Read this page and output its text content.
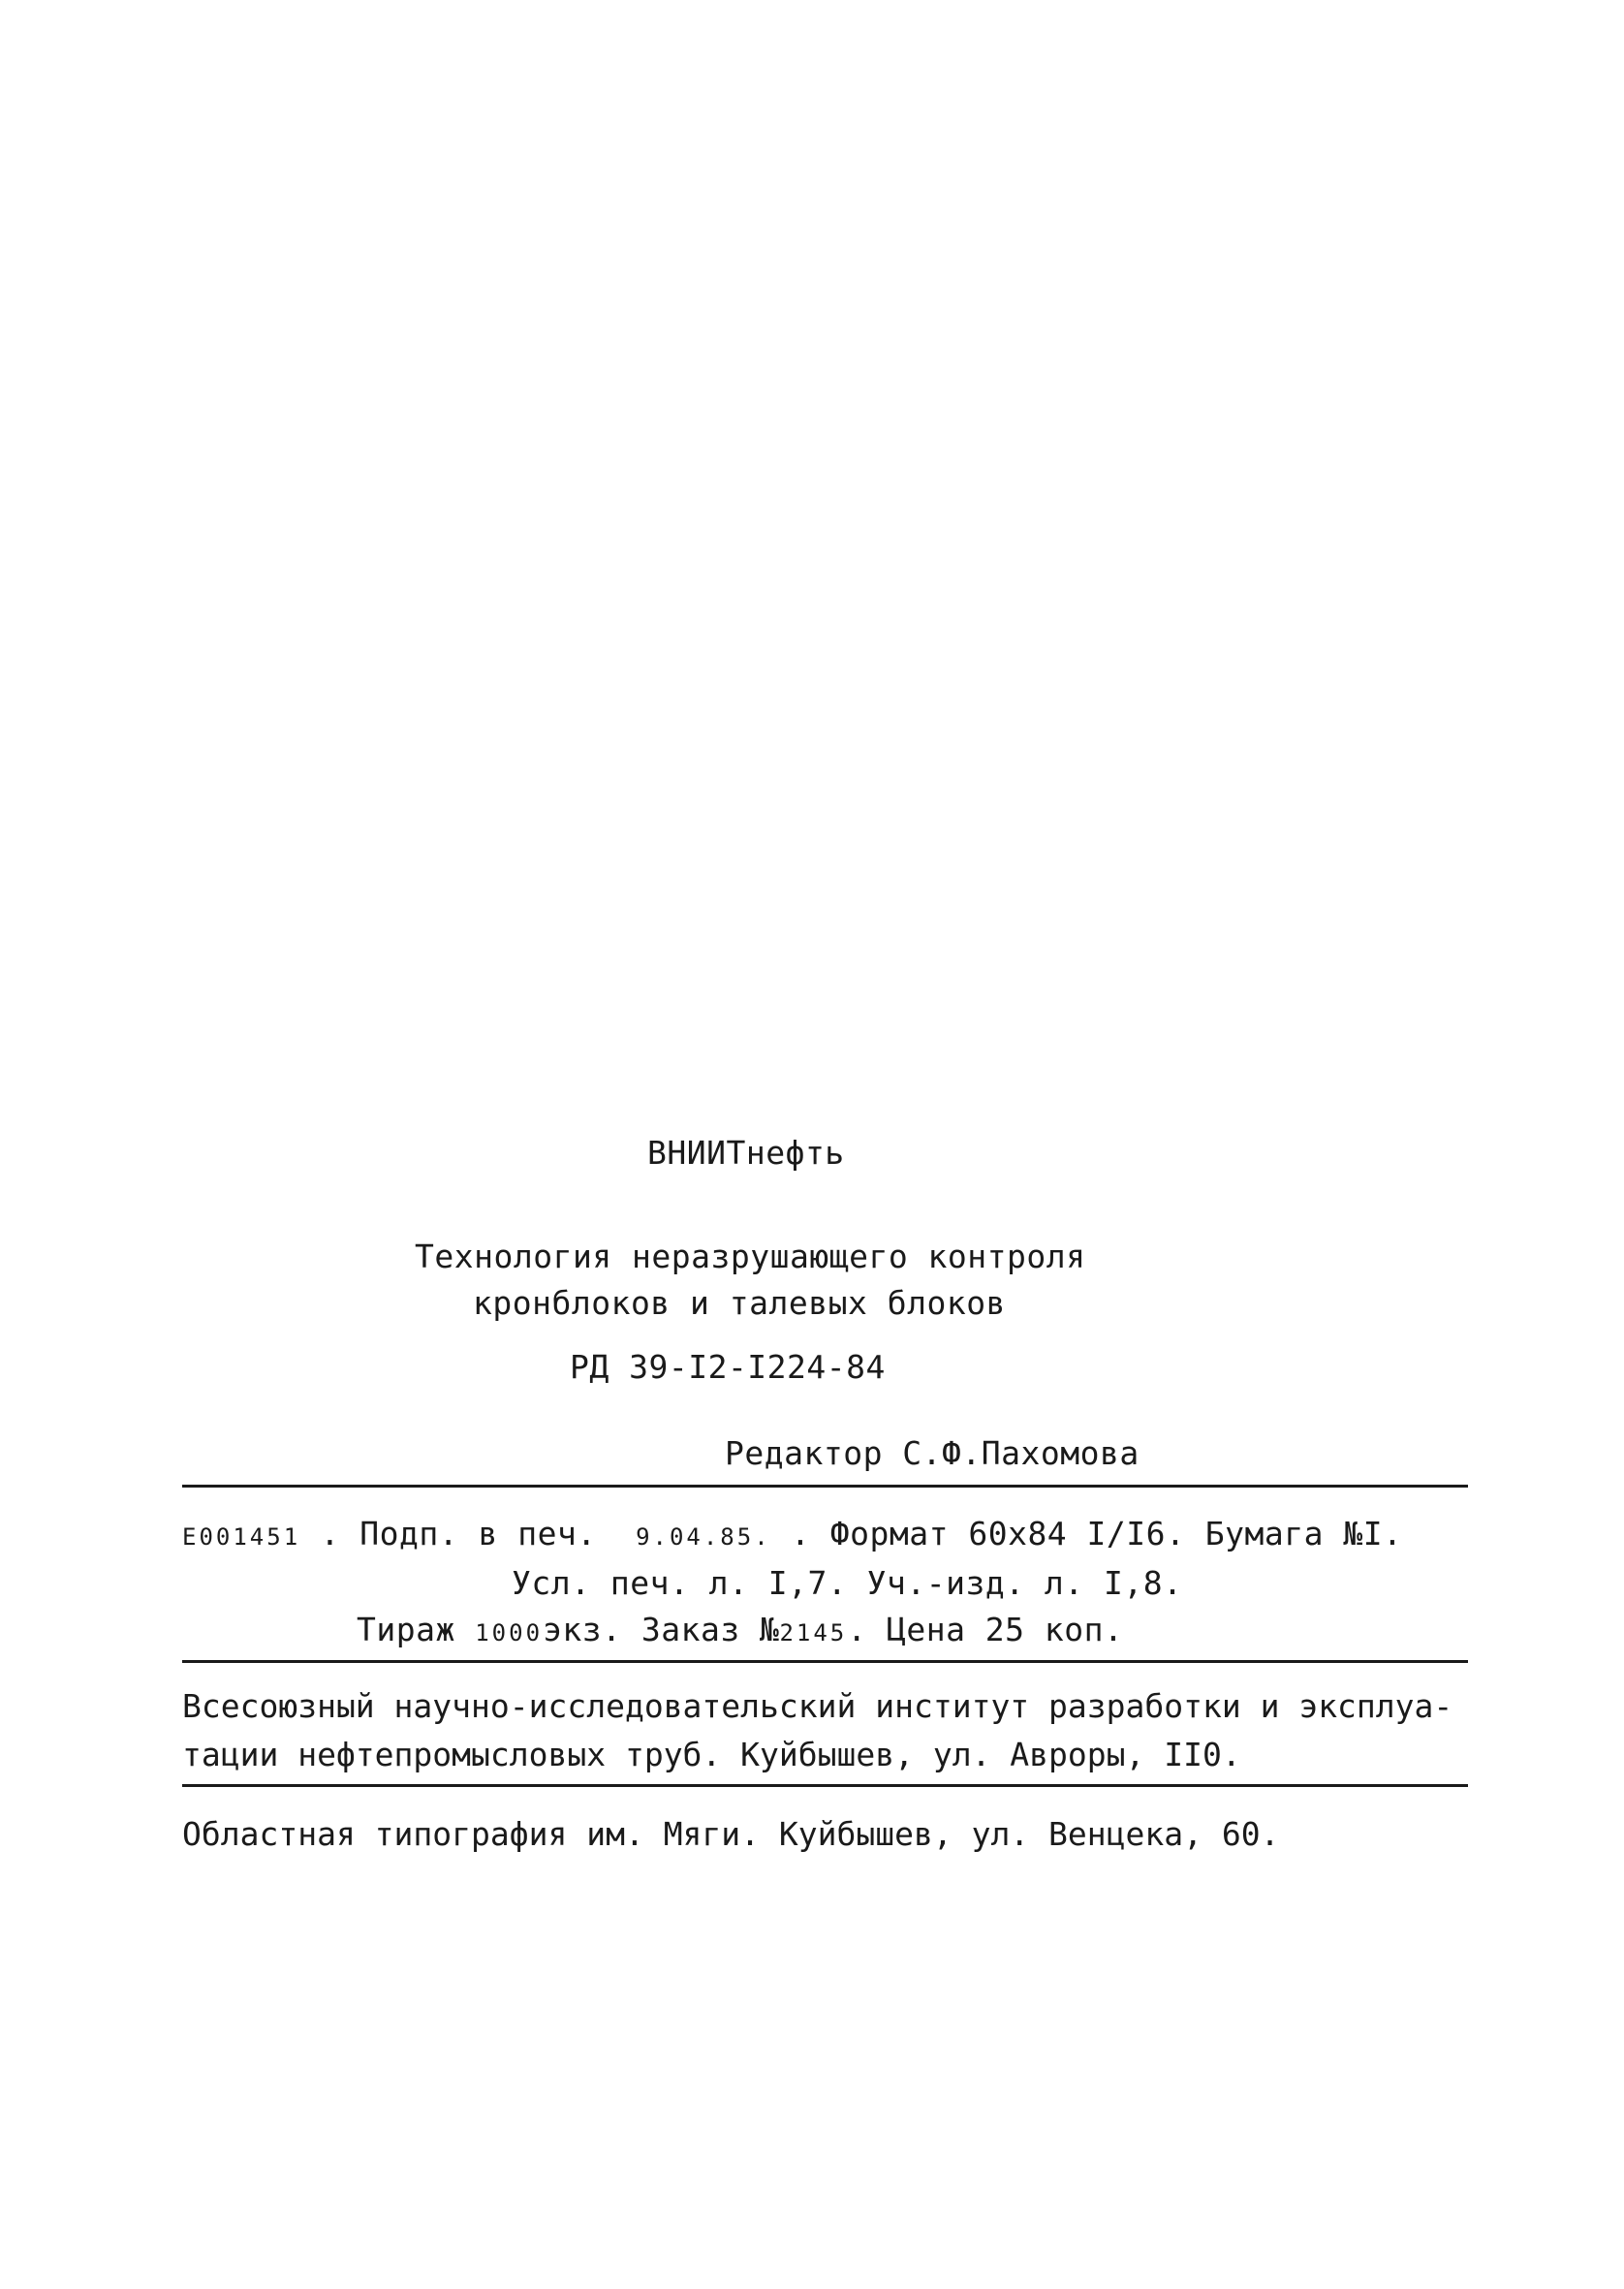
ВНИИТнефть
Технология неразрушающего контроля
кронблоков и талевых блоков
РД 39-I2-I224-84
Редактор С.Ф.Пахомова
Е001451 . Подп. в печ. 9.04.85. . Формат 60х84 I/I6. Бумага №I.
Усл. печ. л. I,7. Уч.-изд. л. I,8.
Тираж 1000экз. Заказ №2145. Цена 25 коп.
Всесоюзный научно-исследовательский институт разработки и эксплуа-
тации нефтепромысловых труб. Куйбышев, ул. Авроры, II0.
Областная типография им. Мяги. Куйбышев, ул. Венцека, 60.
